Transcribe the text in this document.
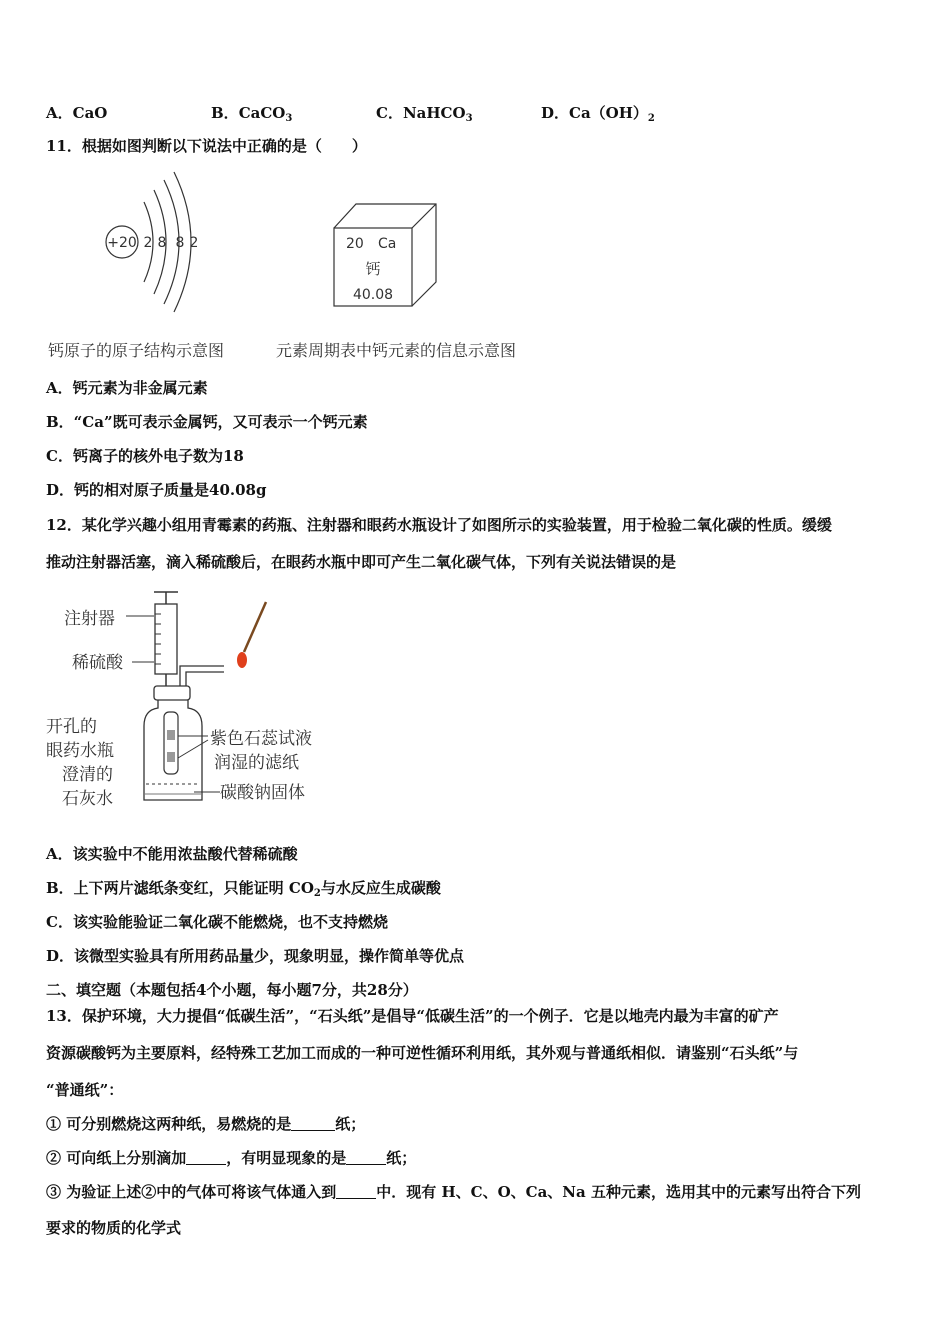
A．CaO	B．CaCO$_3$	C．NaHCO$_3$	D．$Ca(OH)_2$
11．根据如图判断以下说法中正确的是（　　）
+20 2 8 8 2	20 Ca
钙
40.08
钙原子的原子结构示意图	元素周期表中钙元素的信息示意图
A．钙元素为非金属元素
B．“Ca”既可表示金属钙，又可表示一个钙元素
C．钙离子的核外电子数为18
D．钙的相对原子质量是40.08g
12．某化学兴趣小组用青霉素的药瓶、注射器和眼药水瓶设计了如图所示的实验装置，用于检验二氧化碳的性质。缓缓
推动注射器活塞，滴入稀硫酸后，在眼药水瓶中即可产生二氧化碳气体，下列有关说法错误的是
注射器
稀硫酸
开孔的
眼药水瓶
澄清的
石灰水
紫色石蕊试液
润湿的滤纸
碳酸钠固体
A．该实验中不能用浓盐酸代替稀硫酸
B．上下两片滤纸条变红，只能证明 $CO_2$与水反应生成碳酸
C．该实验能验证二氧化碳不能燃烧，也不支持燃烧
D．该微型实验具有所用药品量少，现象明显，操作简单等优点
二、填空题（本题包括4个小题，每小题7分，共28分）
13．保护环境，大力提倡“低碳生活”，“石头纸”是倡导“低碳生活”的一个例子．它是以地壳内最为丰富的矿产
资源碳酸钙为主要原料，经特殊工艺加工而成的一种可逆性循环利用纸，其外观与普通纸相似．请鉴别“石头纸”与
“普通纸”：
① 可分别燃烧这两种纸，易燃烧的是	纸；
② 可向纸上分别滴加	，有明显现象的是	纸；
③ 为验证上述②中的气体可将该气体通入到	中．现有 H、C、O、Ca、Na 五种元素，选用其中的元素写出符合下列
要求的物质的化学式
